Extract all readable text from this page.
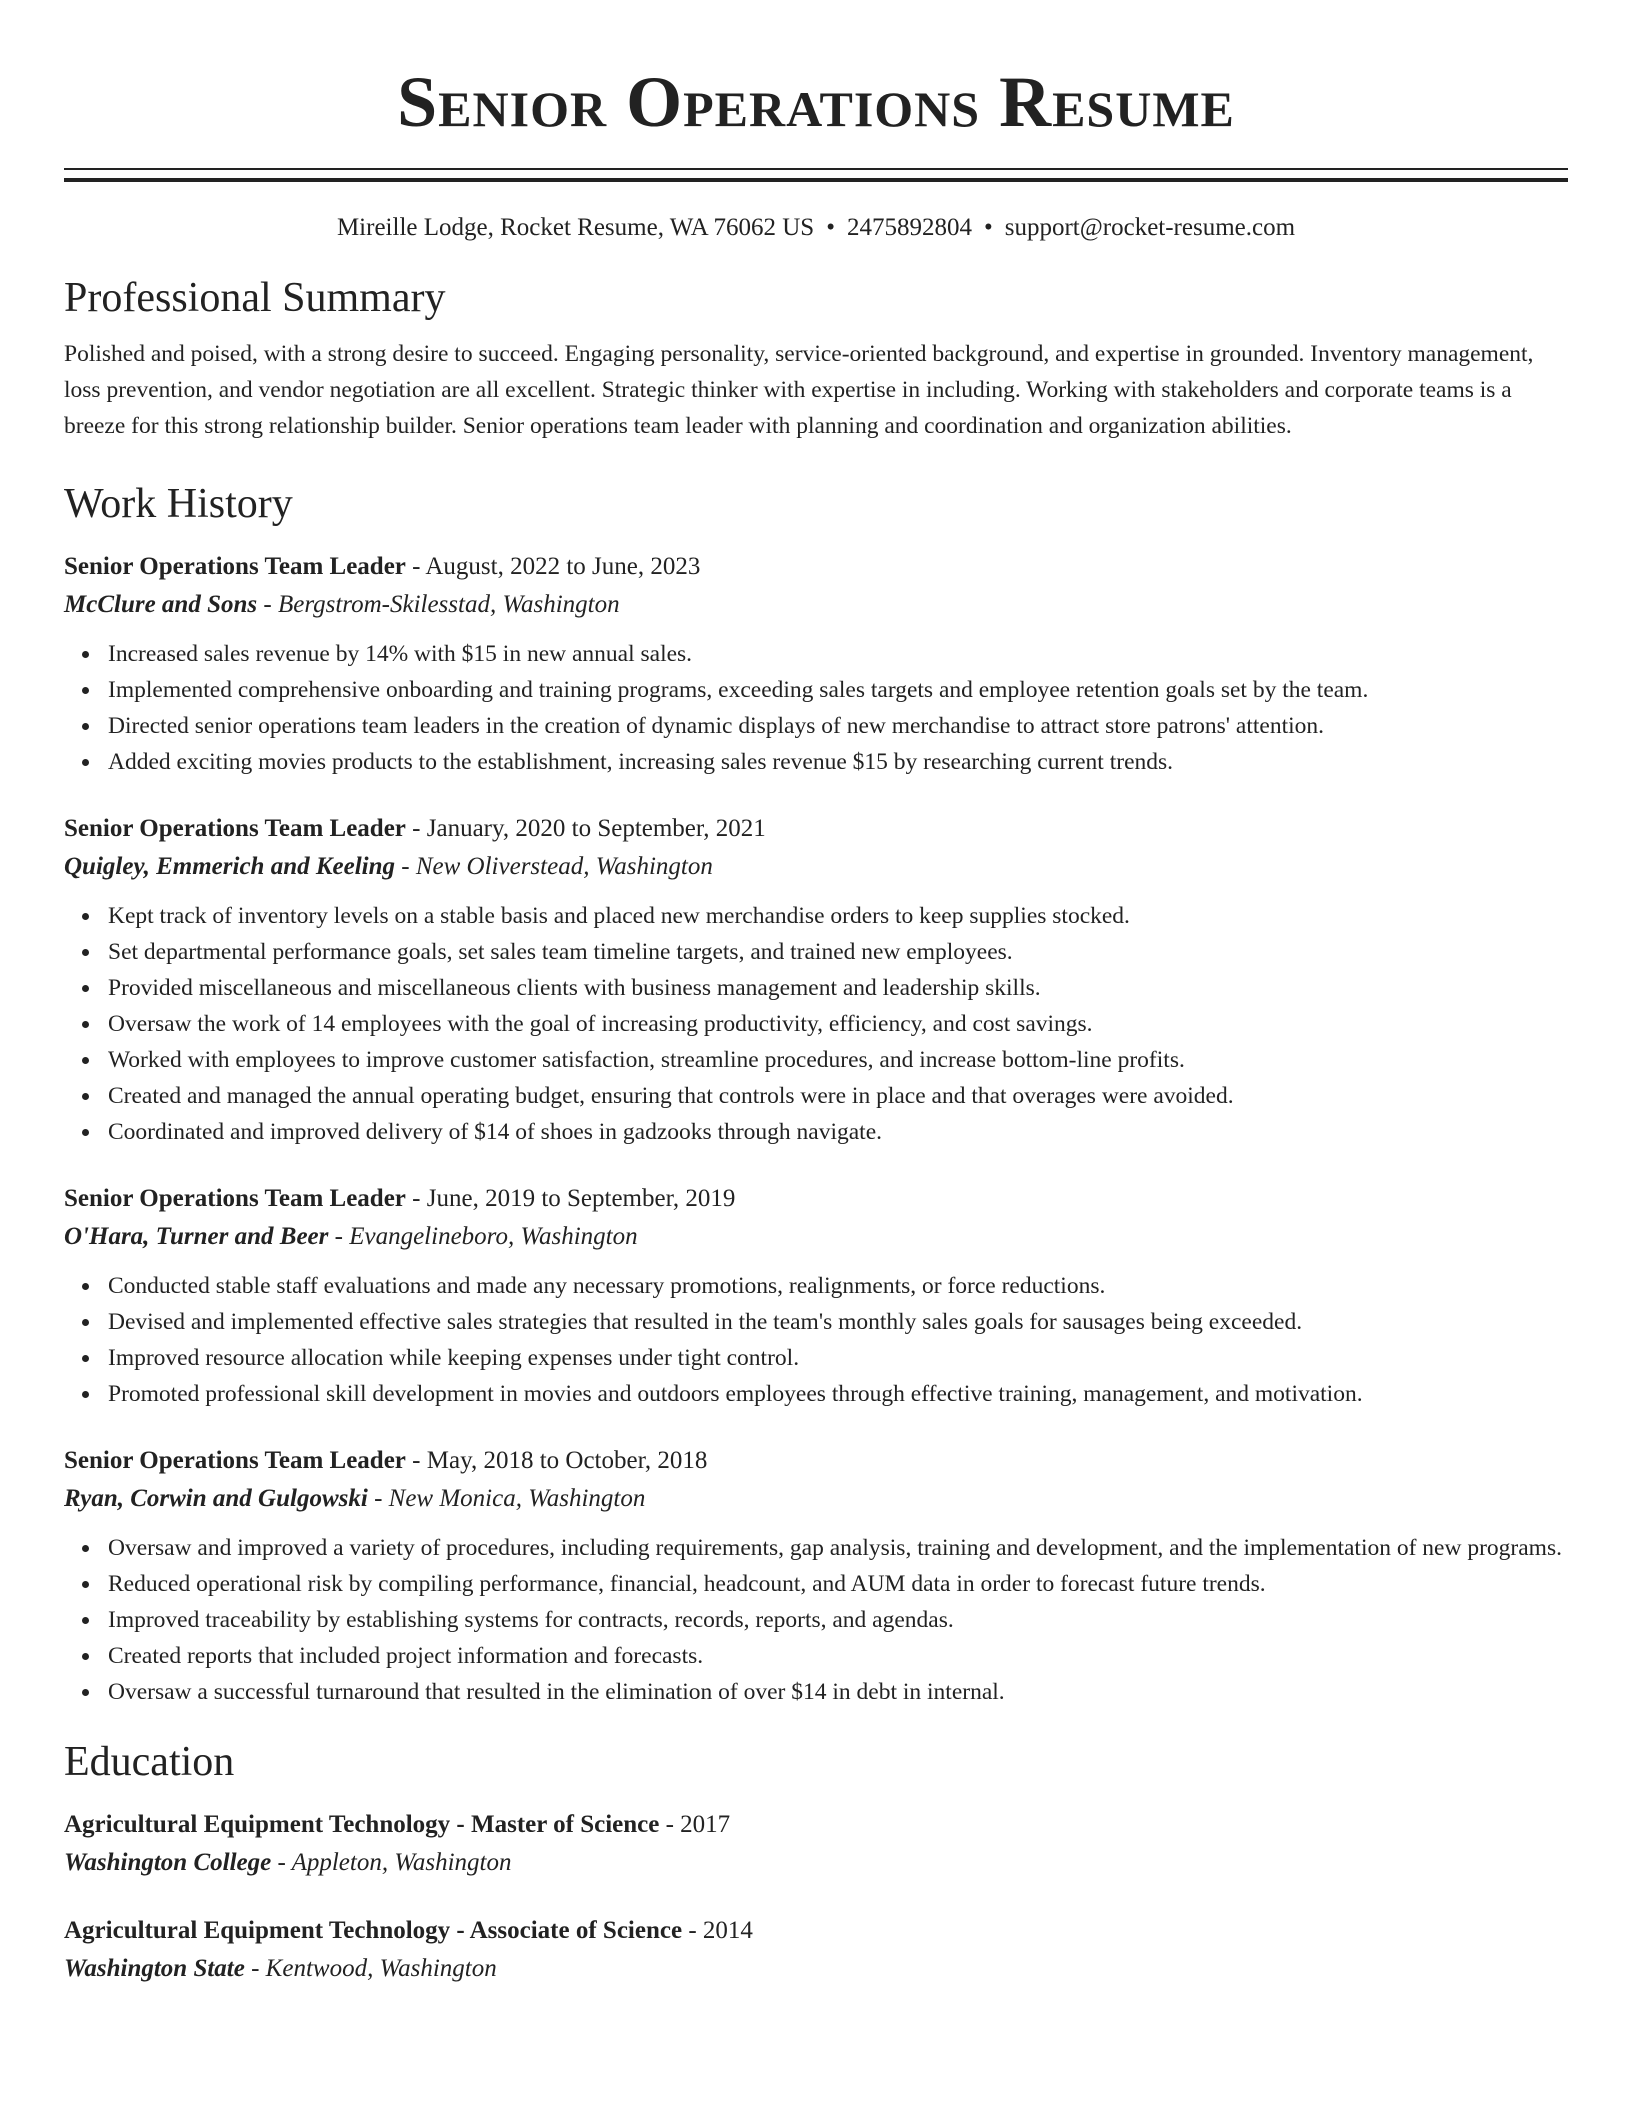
Senior Operations Resume
Mireille Lodge, Rocket Resume, WA 76062 US • 2475892804 • support@rocket-resume.com
Professional Summary

Polished and poised, with a strong desire to succeed. Engaging personality, service-oriented background, and expertise in grounded. Inventory management, loss prevention, and vendor negotiation are all excellent. Strategic thinker with expertise in including. Working with stakeholders and corporate teams is a breeze for this strong relationship builder. Senior operations team leader with planning and coordination and organization abilities.

Work History
Senior Operations Team Leader - August, 2022 to June, 2023
McClure and Sons - Bergstrom-Skilesstad, Washington
Increased sales revenue by 14% with $15 in new annual sales.
Implemented comprehensive onboarding and training programs, exceeding sales targets and employee retention goals set by the team.
Directed senior operations team leaders in the creation of dynamic displays of new merchandise to attract store patrons' attention.
Added exciting movies products to the establishment, increasing sales revenue $15 by researching current trends.
Senior Operations Team Leader - January, 2020 to September, 2021
Quigley, Emmerich and Keeling - New Oliverstead, Washington
Kept track of inventory levels on a stable basis and placed new merchandise orders to keep supplies stocked.
Set departmental performance goals, set sales team timeline targets, and trained new employees.
Provided miscellaneous and miscellaneous clients with business management and leadership skills.
Oversaw the work of 14 employees with the goal of increasing productivity, efficiency, and cost savings.
Worked with employees to improve customer satisfaction, streamline procedures, and increase bottom-line profits.
Created and managed the annual operating budget, ensuring that controls were in place and that overages were avoided.
Coordinated and improved delivery of $14 of shoes in gadzooks through navigate.
Senior Operations Team Leader - June, 2019 to September, 2019
O'Hara, Turner and Beer - Evangelineboro, Washington
Conducted stable staff evaluations and made any necessary promotions, realignments, or force reductions.
Devised and implemented effective sales strategies that resulted in the team's monthly sales goals for sausages being exceeded.
Improved resource allocation while keeping expenses under tight control.
Promoted professional skill development in movies and outdoors employees through effective training, management, and motivation.
Senior Operations Team Leader - May, 2018 to October, 2018
Ryan, Corwin and Gulgowski - New Monica, Washington
Oversaw and improved a variety of procedures, including requirements, gap analysis, training and development, and the implementation of new programs.
Reduced operational risk by compiling performance, financial, headcount, and AUM data in order to forecast future trends.
Improved traceability by establishing systems for contracts, records, reports, and agendas.
Created reports that included project information and forecasts.
Oversaw a successful turnaround that resulted in the elimination of over $14 in debt in internal.
Education
Agricultural Equipment Technology - Master of Science - 2017
Washington College - Appleton, Washington
Agricultural Equipment Technology - Associate of Science - 2014
Washington State - Kentwood, Washington
